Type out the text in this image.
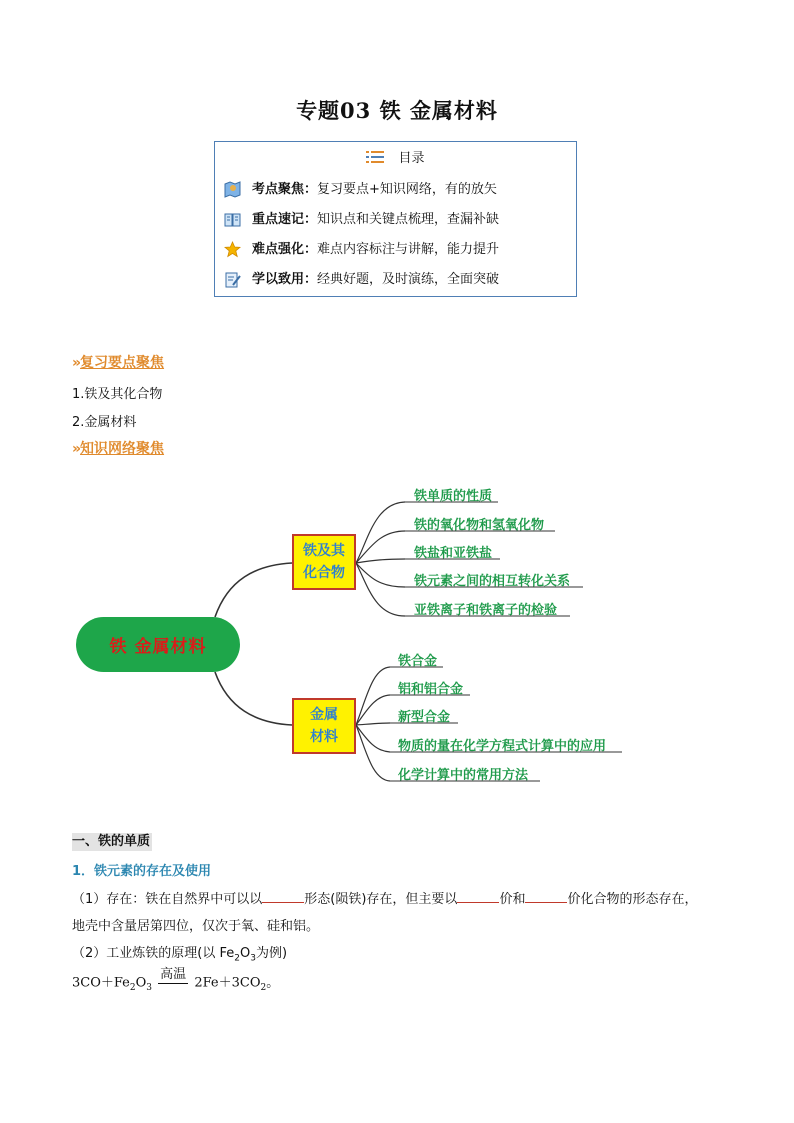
专题03 铁 金属材料
目录
考点聚焦：复习要点+知识网络，有的放矢
重点速记：知识点和关键点梳理，查漏补缺
难点强化：难点内容标注与讲解，能力提升
学以致用：经典好题，及时演练，全面突破
» 复习要点聚焦
1.铁及其化合物
2.金属材料
» 知识网络聚焦
铁 金属材料
铁及其
化合物
金属
材料
铁单质的性质
铁的氧化物和氢氧化物
铁盐和亚铁盐
铁元素之间的相互转化关系
亚铁离子和铁离子的检验
铁合金
铝和铝合金
新型合金
物质的量在化学方程式计算中的应用
化学计算中的常用方法
一、铁的单质
1．铁元素的存在及使用
（1）存在：铁在自然界中可以以	形态(陨铁)存在，但主要以	价和	价化合物的形态存在，
地壳中含量居第四位，仅次于氧、硅和铝。
（2）工业炼铁的原理(以 $Fe_2O_3$为例)
$3CO+Fe_2O_3$
高温
$2Fe+3CO_2$。
